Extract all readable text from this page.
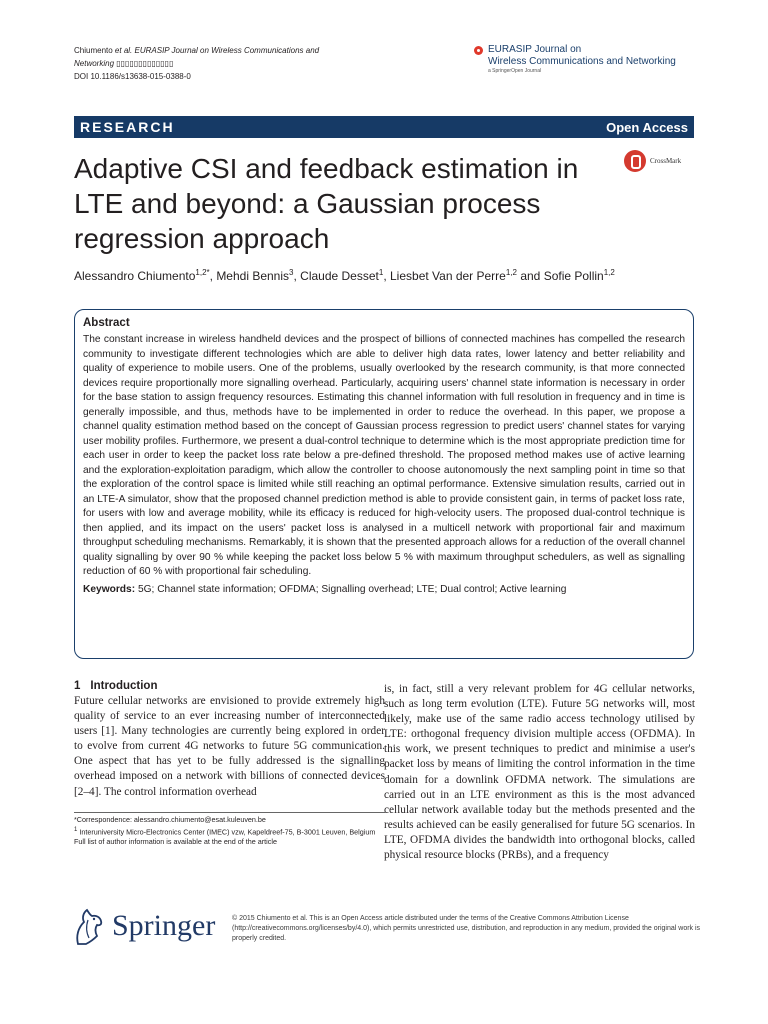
Chiumento et al. EURASIP Journal on Wireless Communications and
Networking ▯▯▯▯▯▯▯▯▯▯▯▯▯
DOI 10.1186/s13638-015-0388-0
EURASIP Journal on
Wireless Communications and Networking
a SpringerOpen Journal
RESEARCH	Open Access
Adaptive CSI and feedback estimation in LTE and beyond: a Gaussian process regression approach
CrossMark
Alessandro Chiumento$^{1,2*}$, Mehdi Bennis$^3$, Claude Desset$^1$, Liesbet Van der Perre$^{1,2}$ and Sofie Pollin$^{1,2}$
Abstract

The constant increase in wireless handheld devices and the prospect of billions of connected machines has compelled the research community to investigate different technologies which are able to deliver high data rates, lower latency and better reliability and quality of experience to mobile users. One of the problems, usually overlooked by the research community, is that more connected devices require proportionally more signalling overhead. Particularly, acquiring users' channel state information is necessary in order for the base station to assign frequency resources. Estimating this channel information with full resolution in frequency and in time is generally impossible, and thus, methods have to be implemented in order to reduce the overhead. In this paper, we propose a channel quality estimation method based on the concept of Gaussian process regression to predict users' channel states for varying user mobility profiles. Furthermore, we present a dual-control technique to determine which is the most appropriate prediction time for each user in order to keep the packet loss rate below a pre-defined threshold. The proposed method makes use of active learning and the exploration-exploitation paradigm, which allow the controller to choose autonomously the next sampling point in time so that the exploration of the control space is limited while still reaching an optimal performance. Extensive simulation results, carried out in an LTE-A simulator, show that the proposed channel prediction method is able to provide consistent gain, in terms of packet loss rate, for users with low and average mobility, while its efficacy is reduced for high-velocity users. The proposed dual-control technique is then applied, and its impact on the users' packet loss is analysed in a multicell network with proportional fair and maximum throughput scheduling mechanisms. Remarkably, it is shown that the presented approach allows for a reduction of the overall channel quality signalling by over 90 % while keeping the packet loss below 5 % with maximum throughput schedulers, as well as signalling reduction of 60 % with proportional fair scheduling.

Keywords: 5G; Channel state information; OFDMA; Signalling overhead; LTE; Dual control; Active learning
1 Introduction
Future cellular networks are envisioned to provide extremely high quality of service to an ever increasing number of interconnected users [1]. Many technologies are currently being explored in order to evolve from current 4G networks to future 5G communication. One aspect that has yet to be fully addressed is the signalling overhead imposed on a network with billions of connected devices [2–4]. The control information overhead
is, in fact, still a very relevant problem for 4G cellular networks, such as long term evolution (LTE). Future 5G networks will, most likely, make use of the same radio access technology utilised by LTE: orthogonal frequency division multiple access (OFDMA). In this work, we present techniques to predict and minimise a user's packet loss by means of limiting the control information in the time domain for a downlink OFDMA network. The simulations are carried out in an LTE environment as this is the most advanced cellular network available today but the methods presented and the results achieved can be easily generalised for future 5G scenarios. In LTE, OFDMA divides the bandwidth into orthogonal blocks, called physical resource blocks (PRBs), and a frequency
*Correspondence: alessandro.chiumento@esat.kuleuven.be
$^1$ Interuniversity Micro-Electronics Center (IMEC) vzw, Kapeldreef-75, B-3001 Leuven, Belgium
Full list of author information is available at the end of the article
Springer © 2015 Chiumento et al. This is an Open Access article distributed under the terms of the Creative Commons Attribution License (http://creativecommons.org/licenses/by/4.0), which permits unrestricted use, distribution, and reproduction in any medium, provided the original work is properly credited.
